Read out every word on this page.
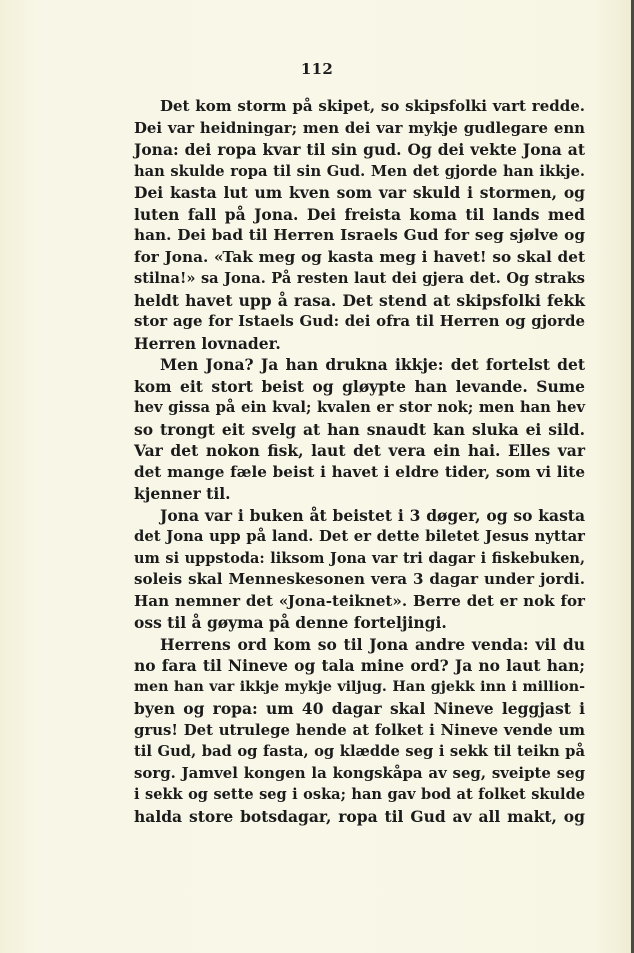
112
Det kom storm på skipet, so skipsfolki vart redde.
Dei var heidningar; men dei var mykje gudlegare enn
Jona: dei ropa kvar til sin gud. Og dei vekte Jona at
han skulde ropa til sin Gud. Men det gjorde han ikkje.
Dei kasta lut um kven som var skuld i stormen, og
luten fall på Jona. Dei freista koma til lands med
han. Dei bad til Herren Israels Gud for seg sjølve og
for Jona. «Tak meg og kasta meg i havet! so skal det
stilna!» sa Jona. På resten laut dei gjera det. Og straks
heldt havet upp å rasa. Det stend at skipsfolki fekk
stor age for Istaels Gud: dei ofra til Herren og gjorde
Herren lovnader.
Men Jona? Ja han drukna ikkje: det fortelst det
kom eit stort beist og gløypte han levande. Sume
hev gissa på ein kval; kvalen er stor nok; men han hev
so trongt eit svelg at han snaudt kan sluka ei sild.
Var det nokon fisk, laut det vera ein hai. Elles var
det mange fæle beist i havet i eldre tider, som vi lite
kjenner til.
Jona var i buken åt beistet i 3 døger, og so kasta
det Jona upp på land. Det er dette biletet Jesus nyttar
um si uppstoda: liksom Jona var tri dagar i fiskebuken,
soleis skal Menneskesonen vera 3 dagar under jordi.
Han nemner det «Jona-teiknet». Berre det er nok for
oss til å gøyma på denne forteljingi.
Herrens ord kom so til Jona andre venda: vil du
no fara til Nineve og tala mine ord? Ja no laut han;
men han var ikkje mykje viljug. Han gjekk inn i million-
byen og ropa: um 40 dagar skal Nineve leggjast i
grus! Det utrulege hende at folket i Nineve vende um
til Gud, bad og fasta, og klædde seg i sekk til teikn på
sorg. Jamvel kongen la kongskåpa av seg, sveipte seg
i sekk og sette seg i oska; han gav bod at folket skulde
halda store botsdagar, ropa til Gud av all makt, og
